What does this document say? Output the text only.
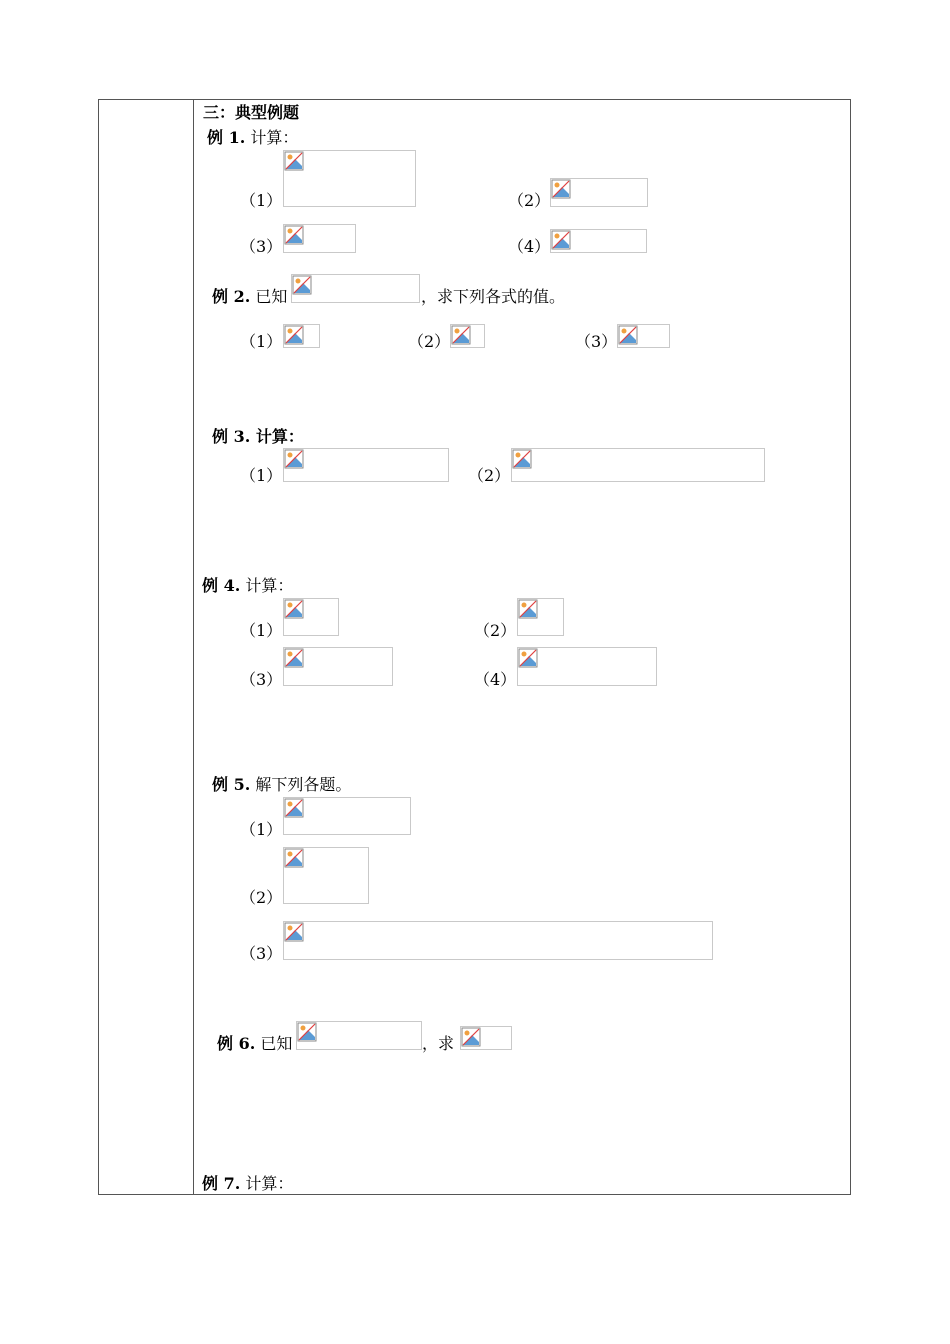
三：典型例题
例 1. 计算：
（1）	（2）
（3）	（4）
例 2. 已知	，求下列各式的值。
（1）	（2）	（3）
例 3. 计算：
（1）	（2）
例 4. 计算：
（1）	（2）
（3）	（4）
例 5. 解下列各题。
（1）
（2）
（3）
例 6. 已知	，求
例 7. 计算：
